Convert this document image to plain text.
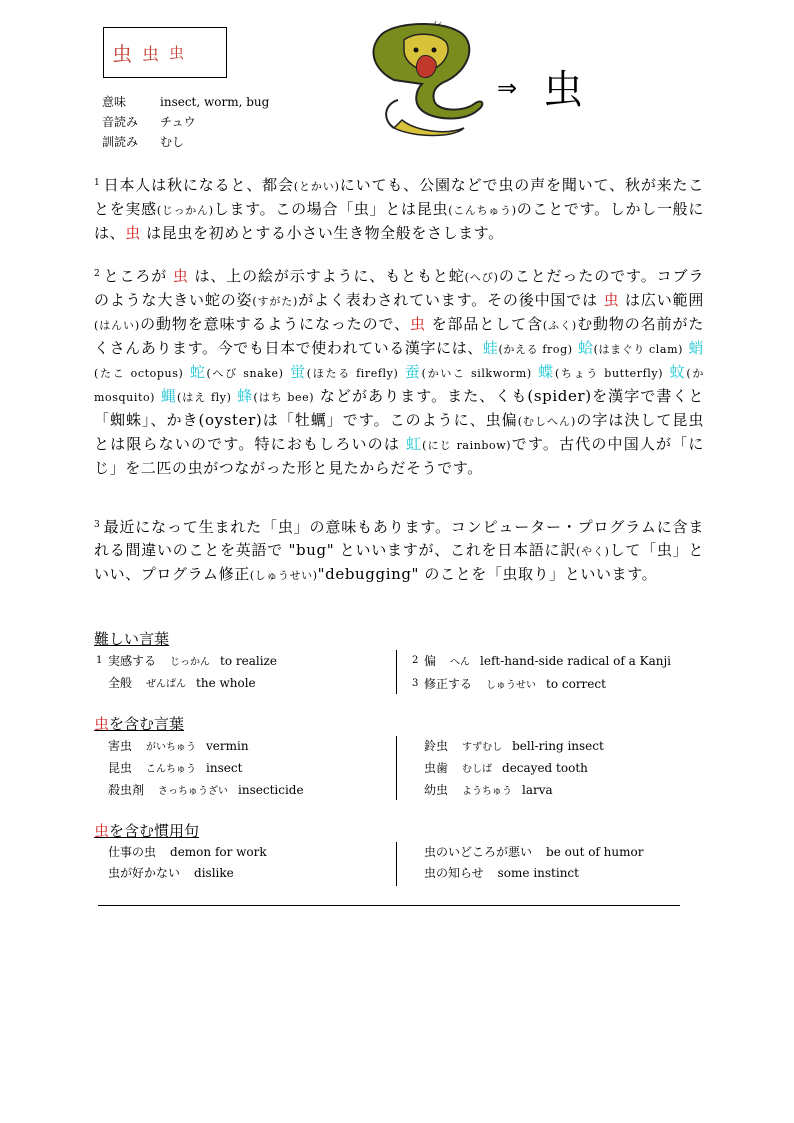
虫 虫 虫
意味	insect, worm, bug
音読み	チュウ
訓読み	むし
⇒ 虫
$^1$ 日本人は秋になると、都会(とかい)にいても、公園などで虫の声を聞いて、秋が来たことを実感(じっかん)します。この場合「虫」とは昆虫(こんちゅう)のことです。しかし一般には、虫 は昆虫を初めとする小さい生き物全般をさします。
$^2$ ところが 虫 は、上の絵が示すように、もともと蛇(へび)のことだったのです。コブラのような大きい蛇の姿(すがた)がよく表わされています。その後中国では 虫 は広い範囲(はんい)の動物を意味するようになったので、虫 を部品として含(ふく)む動物の名前がたくさんあります。今でも日本で使われている漢字には、蛙(かえる frog) 蛤(はまぐり clam) 蛸(たこ octopus) 蛇(へび snake) 蛍(ほたる firefly) 蚕(かいこ silkworm) 蝶(ちょう butterfly) 蚊(か mosquito) 蝿(はえ fly) 蜂(はち bee) などがあります。また、くも(spider)を漢字で書くと「蜘蛛」、かき(oyster)は「牡蠣」です。このように、虫偏(むしへん)の字は決して昆虫とは限らないのです。特におもしろいのは 虹(にじ rainbow)です。古代の中国人が「にじ」を二匹の虫がつながった形と見たからだそうです。
$^3$ 最近になって生まれた「虫」の意味もあります。コンピューター・プログラムに含まれる間違いのことを英語で "bug" といいますが、これを日本語に訳(やく)して「虫」といい、プログラム修正(しゅうせい)"debugging" のことを「虫取り」といいます。
難しい言葉
1 実感する じっかん to realize
全般 ぜんぱん the whole
2 偏 へん left-hand-side radical of a Kanji
3 修正する しゅうせい to correct
虫を含む言葉
害虫 がいちゅう vermin
昆虫 こんちゅう insect
殺虫剤 さっちゅうざい insecticide
鈴虫 すずむし bell-ring insect
虫歯 むしば decayed tooth
幼虫 ようちゅう larva
虫を含む慣用句
仕事の虫 demon for work
虫が好かない dislike
虫のいどころが悪い be out of humor
虫の知らせ some instinct
